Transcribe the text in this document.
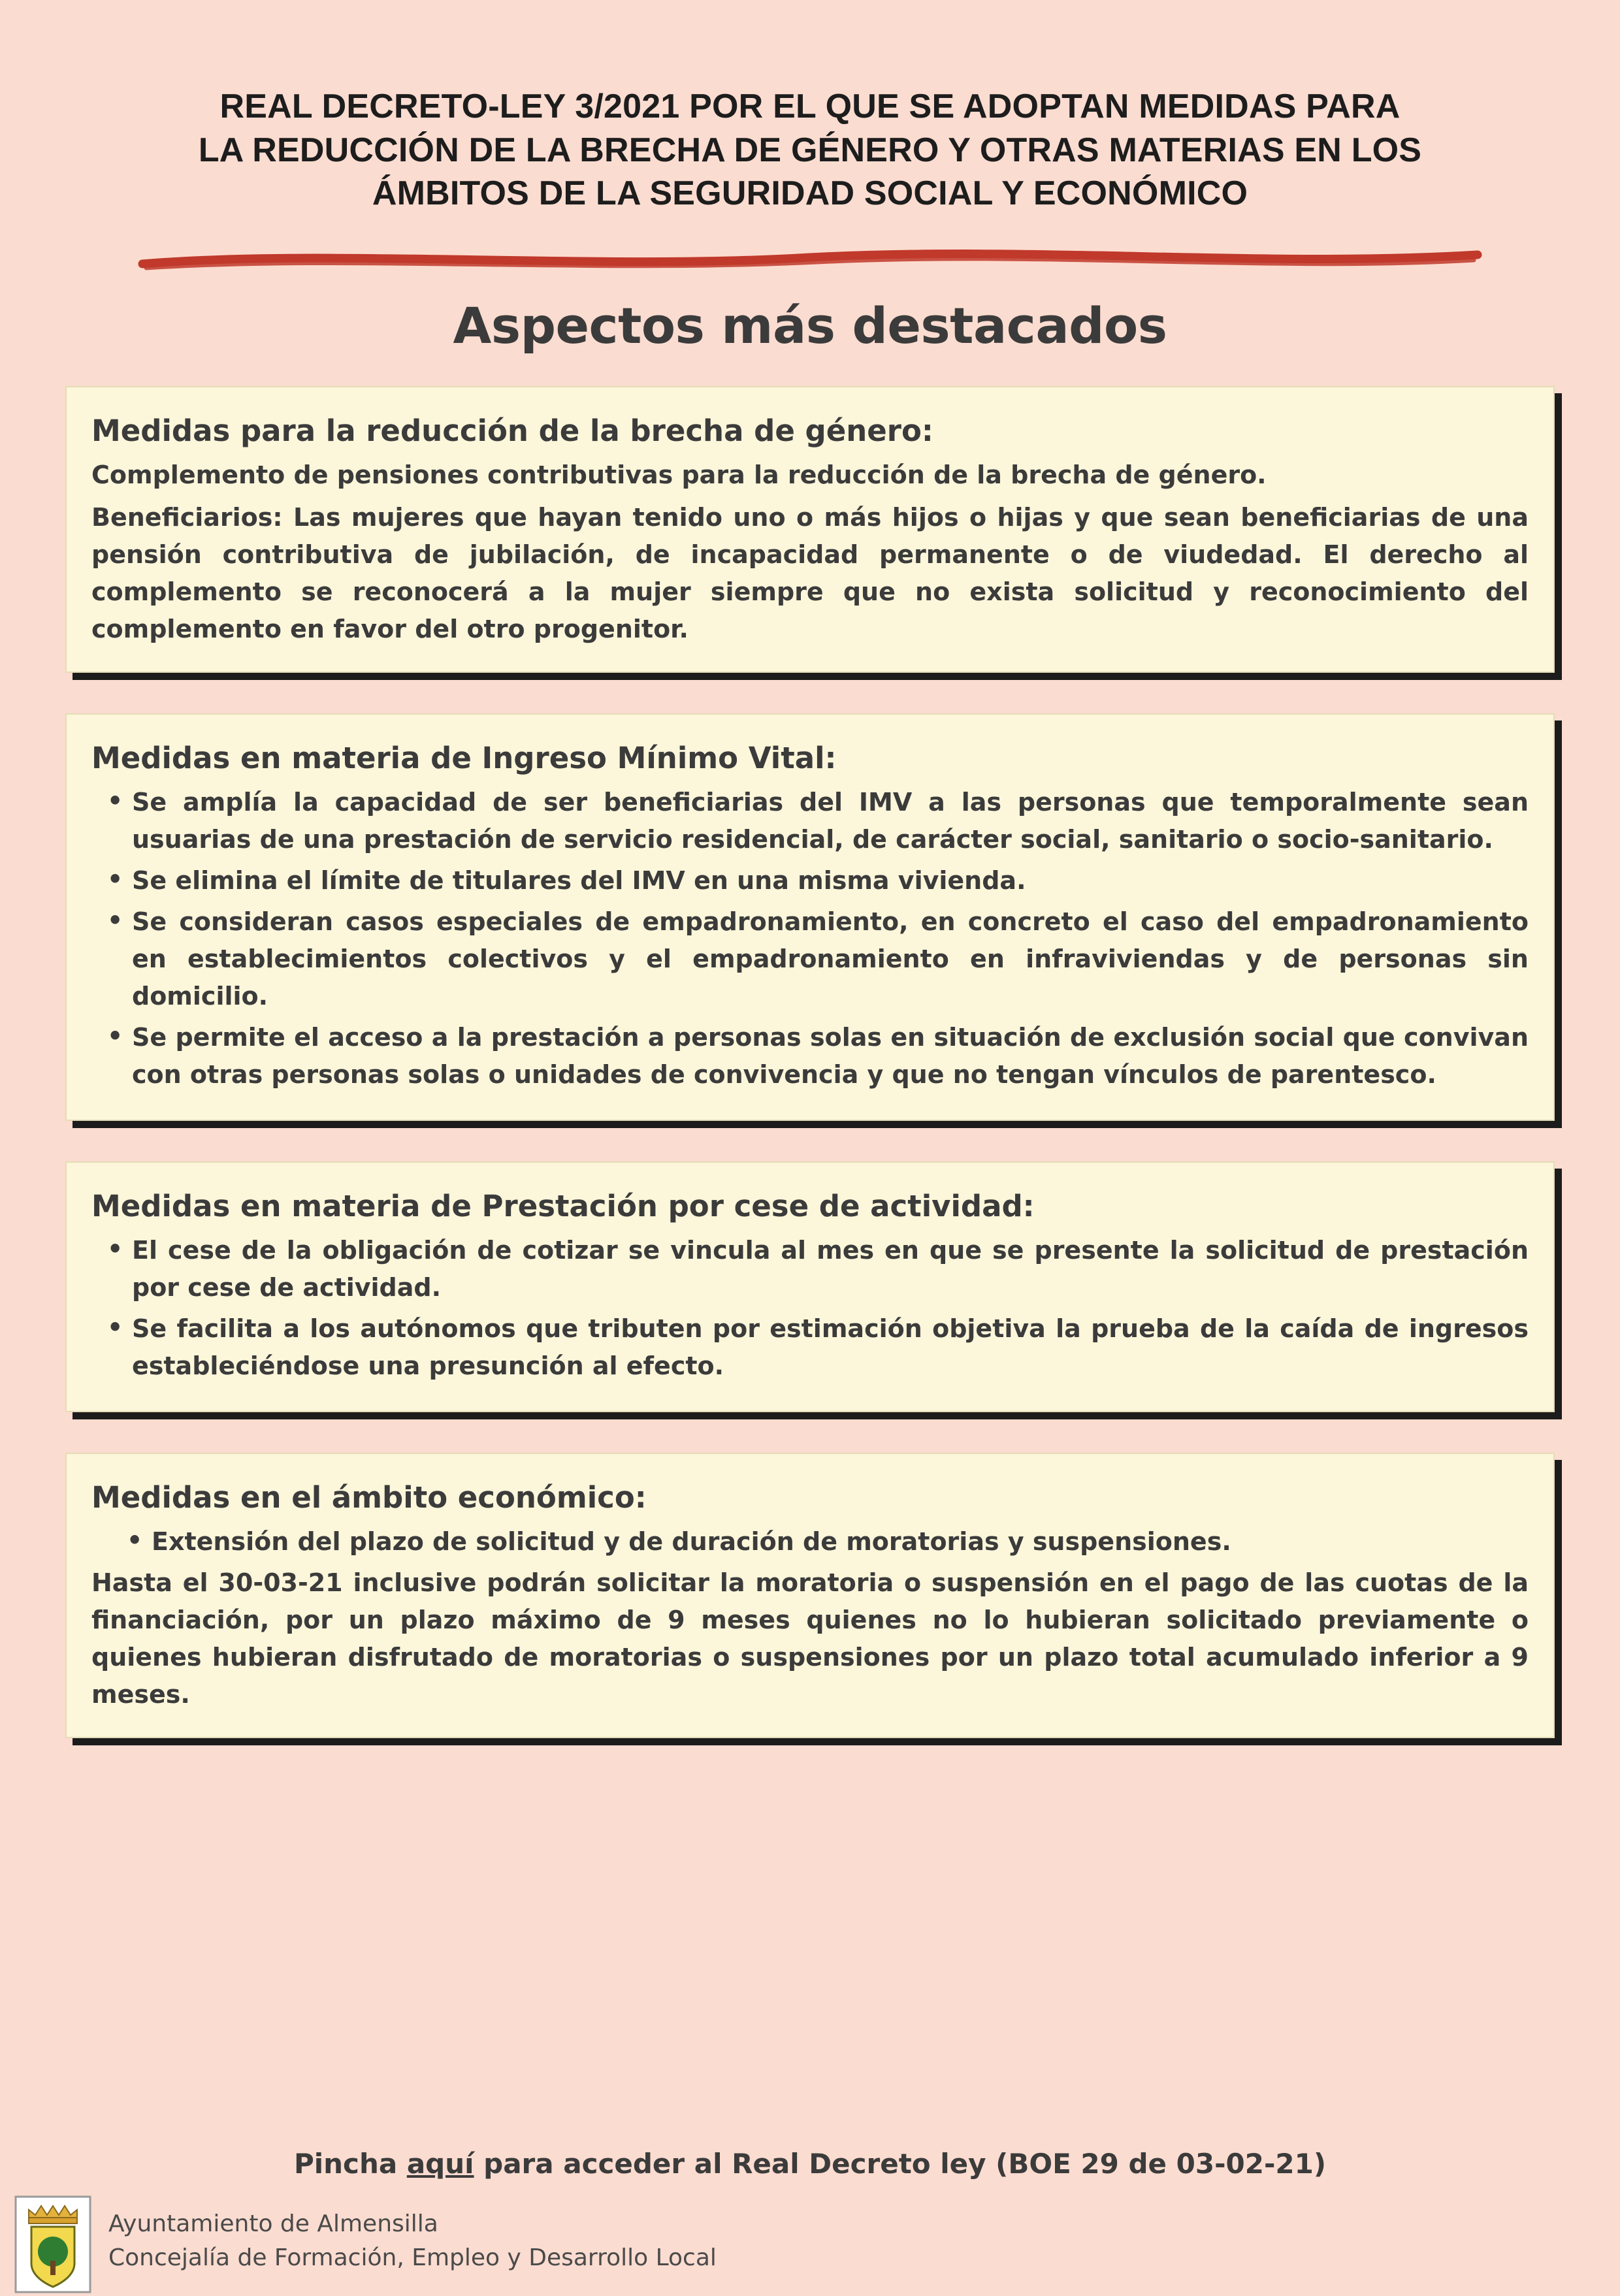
REAL DECRETO-LEY 3/2021 POR EL QUE SE ADOPTAN MEDIDAS PARA
LA REDUCCIÓN DE LA BRECHA DE GÉNERO Y OTRAS MATERIAS EN LOS
ÁMBITOS DE LA SEGURIDAD SOCIAL Y ECONÓMICO
Aspectos más destacados
Medidas para la reducción de la brecha de género:

Complemento de pensiones contributivas para la reducción de la brecha de género.

Beneficiarios: Las mujeres que hayan tenido uno o más hijos o hijas y que sean beneficiarias de una pensión contributiva de jubilación, de incapacidad permanente o de viudedad. El derecho al complemento se reconocerá a la mujer siempre que no exista solicitud y reconocimiento del complemento en favor del otro progenitor.

Medidas en materia de Ingreso Mínimo Vital:
• Se amplía la capacidad de ser beneficiarias del IMV a las personas que temporalmente sean usuarias de una prestación de servicio residencial, de carácter social, sanitario o socio-sanitario.
• Se elimina el límite de titulares del IMV en una misma vivienda.
• Se consideran casos especiales de empadronamiento, en concreto el caso del empadronamiento en establecimientos colectivos y el empadronamiento en infraviviendas y de personas sin domicilio.
• Se permite el acceso a la prestación a personas solas en situación de exclusión social que convivan con otras personas solas o unidades de convivencia y que no tengan vínculos de parentesco.
Medidas en materia de Prestación por cese de actividad:
• El cese de la obligación de cotizar se vincula al mes en que se presente la solicitud de prestación por cese de actividad.
• Se facilita a los autónomos que tributen por estimación objetiva la prueba de la caída de ingresos estableciéndose una presunción al efecto.
Medidas en el ámbito económico:
• Extensión del plazo de solicitud y de duración de moratorias y suspensiones.

Hasta el 30-03-21 inclusive podrán solicitar la moratoria o suspensión en el pago de las cuotas de la financiación, por un plazo máximo de 9 meses quienes no lo hubieran solicitado previamente o quienes hubieran disfrutado de moratorias o suspensiones por un plazo total acumulado inferior a 9 meses.

Pincha aquí para acceder al Real Decreto ley (BOE 29 de 03-02-21)

Ayuntamiento de Almensilla
Concejalía de Formación, Empleo y Desarrollo Local
